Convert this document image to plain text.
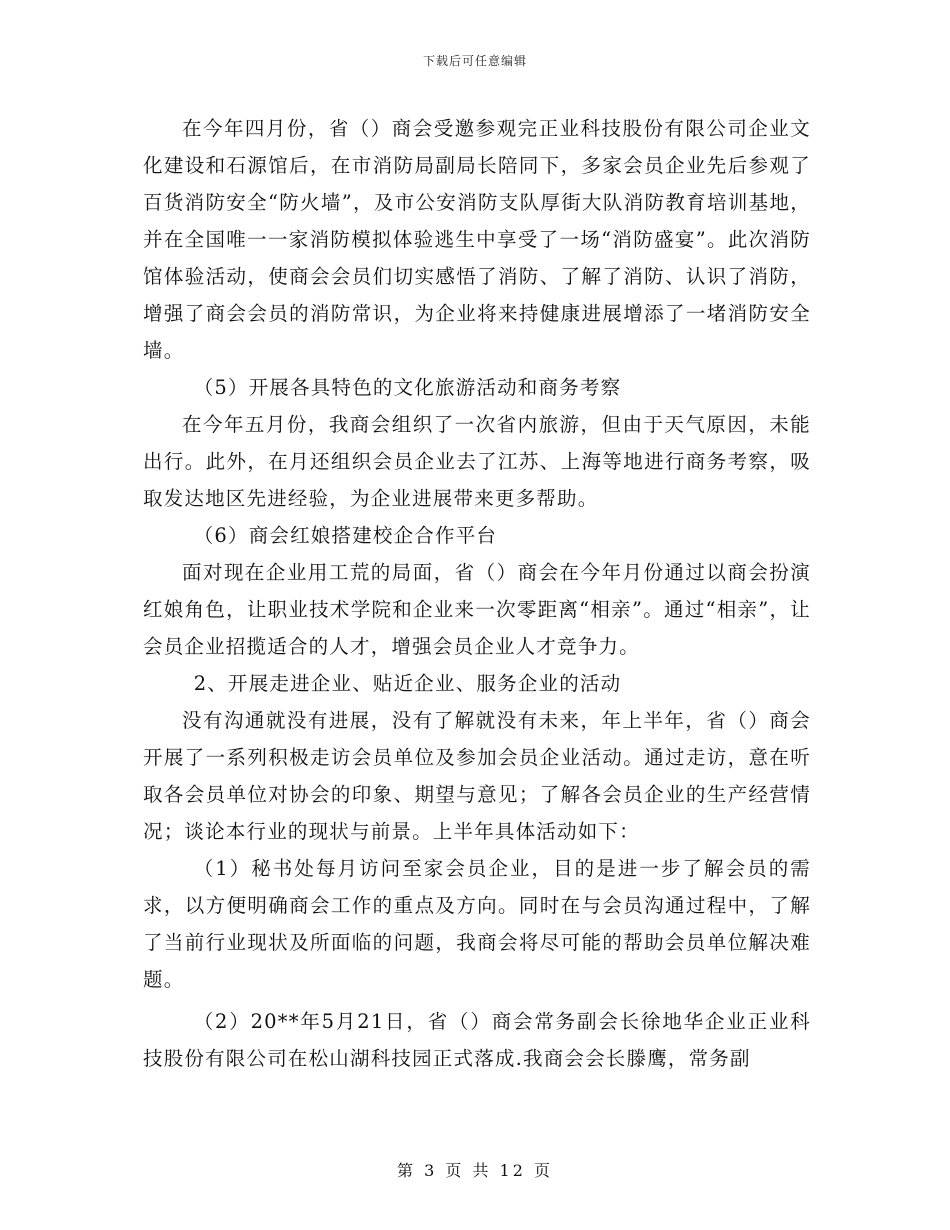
下载后可任意编辑

在今年四月份，省（）商会受邀参观完正业科技股份有限公司企业文化建设和石源馆后，在市消防局副局长陪同下，多家会员企业先后参观了百货消防安全“防火墙”，及市公安消防支队厚街大队消防教育培训基地，并在全国唯一一家消防模拟体验逃生中享受了一场“消防盛宴”。此次消防馆体验活动，使商会会员们切实感悟了消防、了解了消防、认识了消防，增强了商会会员的消防常识，为企业将来持健康进展增添了一堵消防安全墙。

（5）开展各具特色的文化旅游活动和商务考察

在今年五月份，我商会组织了一次省内旅游，但由于天气原因，未能出行。此外，在月还组织会员企业去了江苏、上海等地进行商务考察，吸取发达地区先进经验，为企业进展带来更多帮助。

（6）商会红娘搭建校企合作平台

面对现在企业用工荒的局面，省（）商会在今年月份通过以商会扮演红娘角色，让职业技术学院和企业来一次零距离“相亲”。通过“相亲”，让会员企业招揽适合的人才，增强会员企业人才竞争力。

2、开展走进企业、贴近企业、服务企业的活动

没有沟通就没有进展，没有了解就没有未来，年上半年，省（）商会开展了一系列积极走访会员单位及参加会员企业活动。通过走访，意在听取各会员单位对协会的印象、期望与意见；了解各会员企业的生产经营情况；谈论本行业的现状与前景。上半年具体活动如下：

（1）秘书处每月访问至家会员企业，目的是进一步了解会员的需求，以方便明确商会工作的重点及方向。同时在与会员沟通过程中，了解了当前行业现状及所面临的问题，我商会将尽可能的帮助会员单位解决难题。

（2）20**年5月21日，省（）商会常务副会长徐地华企业正业科技股份有限公司在松山湖科技园正式落成.我商会会长滕鹰，常务副

第 3 页 共 12 页
